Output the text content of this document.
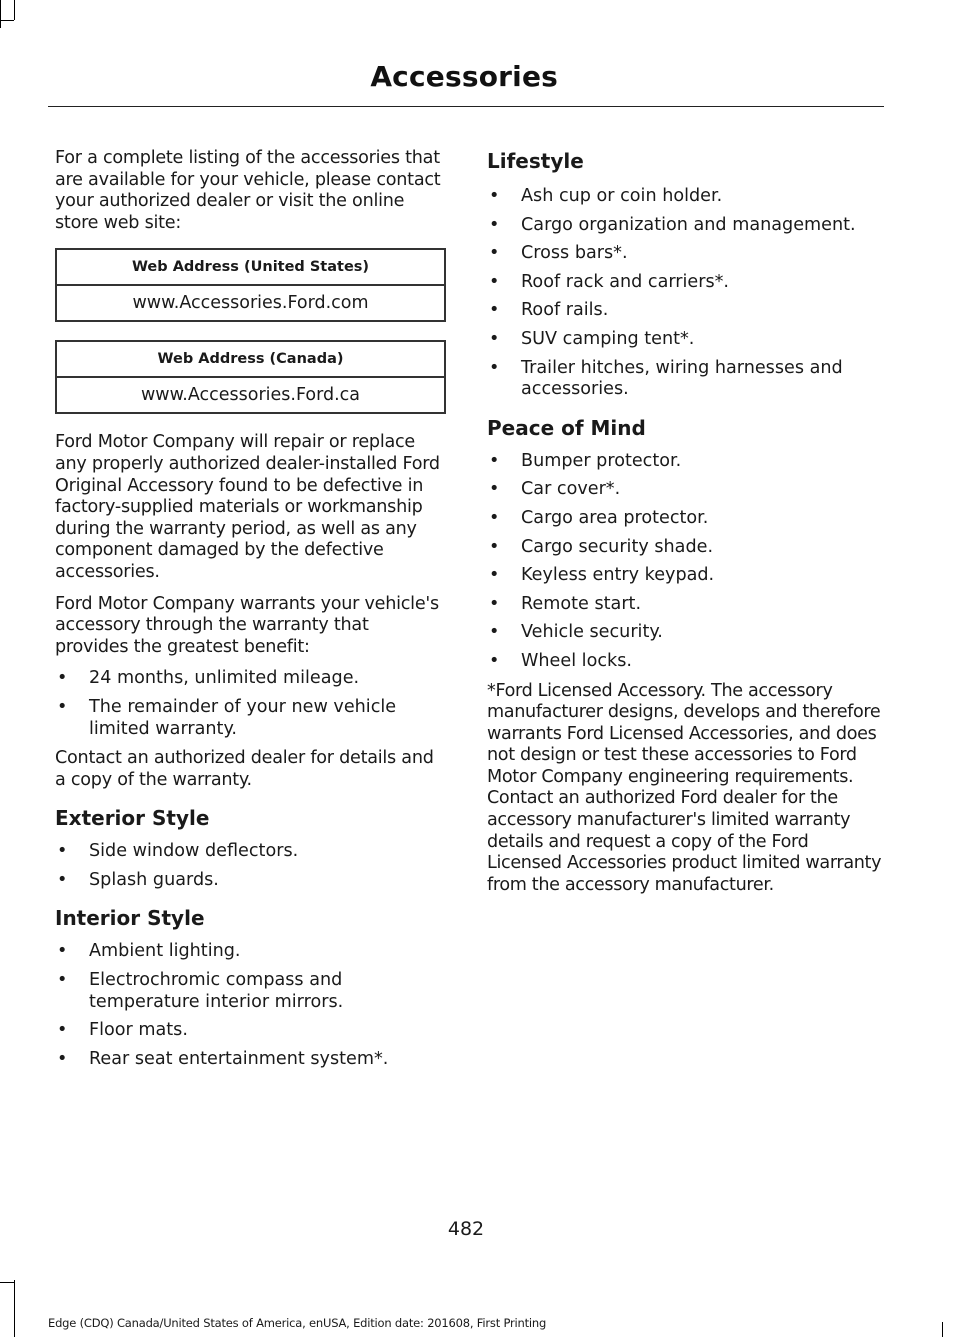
Accessories

For a complete listing of the accessories that are available for your vehicle, please contact your authorized dealer or visit the online store web site:

Web Address (United States)
www.Accessories.Ford.com
Web Address (Canada)
www.Accessories.Ford.ca

Ford Motor Company will repair or replace any properly authorized dealer-installed Ford Original Accessory found to be defective in factory-supplied materials or workmanship during the warranty period, as well as any component damaged by the defective accessories.

Ford Motor Company warrants your vehicle's accessory through the warranty that provides the greatest benefit:

• 24 months, unlimited mileage.
• The remainder of your new vehicle limited warranty.

Contact an authorized dealer for details and a copy of the warranty.

Exterior Style
• Side window deflectors.
• Splash guards.
Interior Style
• Ambient lighting.
• Electrochromic compass and temperature interior mirrors.
• Floor mats.
• Rear seat entertainment system*.
Lifestyle
• Ash cup or coin holder.
• Cargo organization and management.
• Cross bars*.
• Roof rack and carriers*.
• Roof rails.
• SUV camping tent*.
• Trailer hitches, wiring harnesses and accessories.
Peace of Mind
• Bumper protector.
• Car cover*.
• Cargo area protector.
• Cargo security shade.
• Keyless entry keypad.
• Remote start.
• Vehicle security.
• Wheel locks.

*Ford Licensed Accessory. The accessory manufacturer designs, develops and therefore warrants Ford Licensed Accessories, and does not design or test these accessories to Ford Motor Company engineering requirements. Contact an authorized Ford dealer for the accessory manufacturer's limited warranty details and request a copy of the Ford Licensed Accessories product limited warranty from the accessory manufacturer.

482
Edge (CDQ) Canada/United States of America, enUSA, Edition date: 201608, First Printing
